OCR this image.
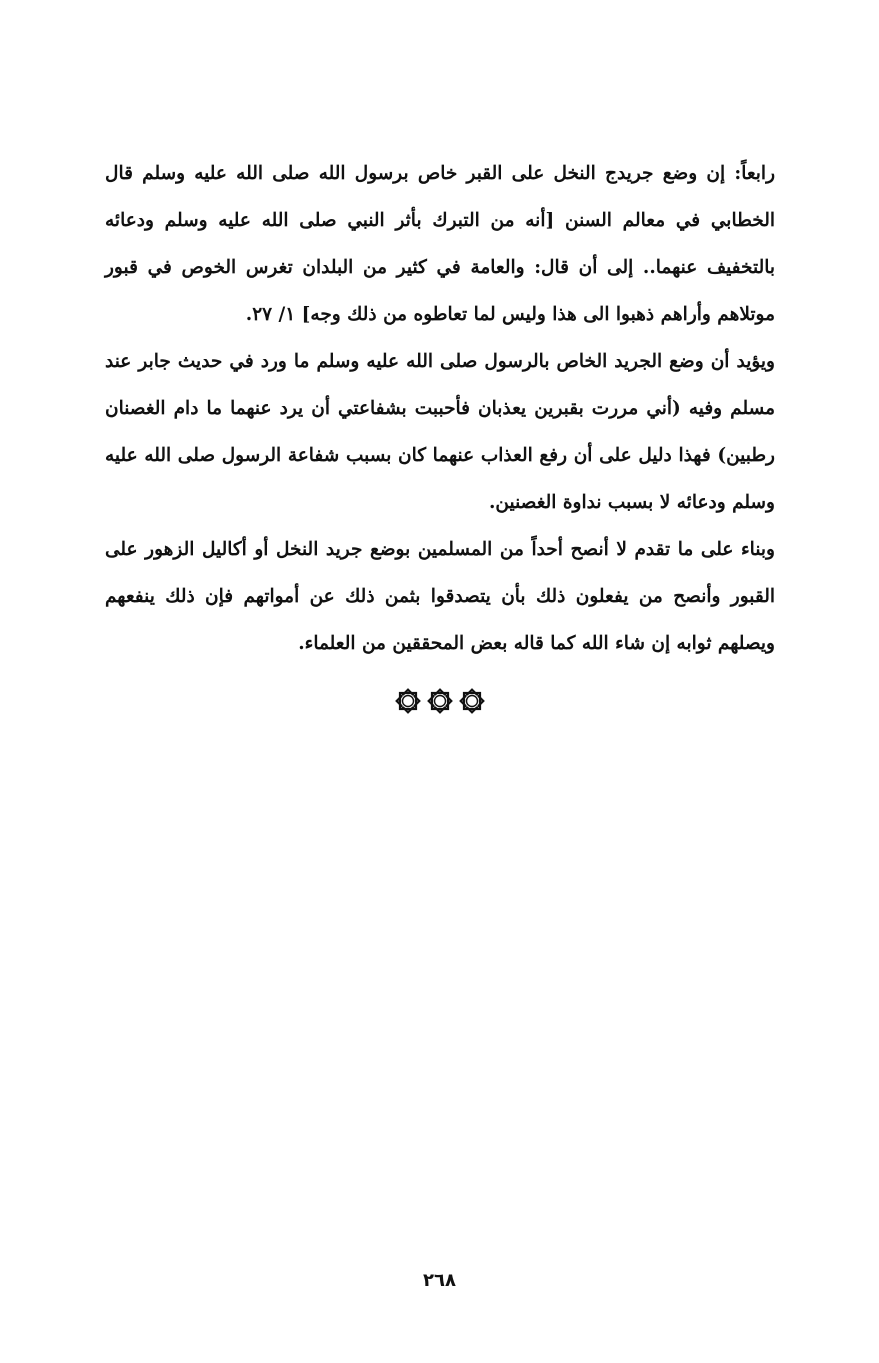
رابعاً: إن وضع جريدج النخل على القبر خاص برسول الله صلى الله عليه وسلم قال الخطابي في معالم السنن [أنه من التبرك بأثر النبي صلى الله عليه وسلم ودعائه بالتخفيف عنهما.. إلى أن قال: والعامة في كثير من البلدان تغرس الخوص في قبور موتلاهم وأراهم ذهبوا الى هذا وليس لما تعاطوه من ذلك وجه] ١/ ٢٧.

ويؤيد أن وضع الجريد الخاص بالرسول صلى الله عليه وسلم ما ورد في حديث جابر عند مسلم وفيه (أني مررت بقبرين يعذبان فأحببت بشفاعتي أن يرد عنهما ما دام الغصنان رطبين) فهذا دليل على أن رفع العذاب عنهما كان بسبب شفاعة الرسول صلى الله عليه وسلم ودعائه لا بسبب نداوة الغصنين.

وبناء على ما تقدم لا أنصح أحداً من المسلمين بوضع جريد النخل أو أكاليل الزهور على القبور وأنصح من يفعلون ذلك بأن يتصدقوا بثمن ذلك عن أمواتهم فإن ذلك ينفعهم ويصلهم ثوابه إن شاء الله كما قاله بعض المحققين من العلماء.

٢٦٨
